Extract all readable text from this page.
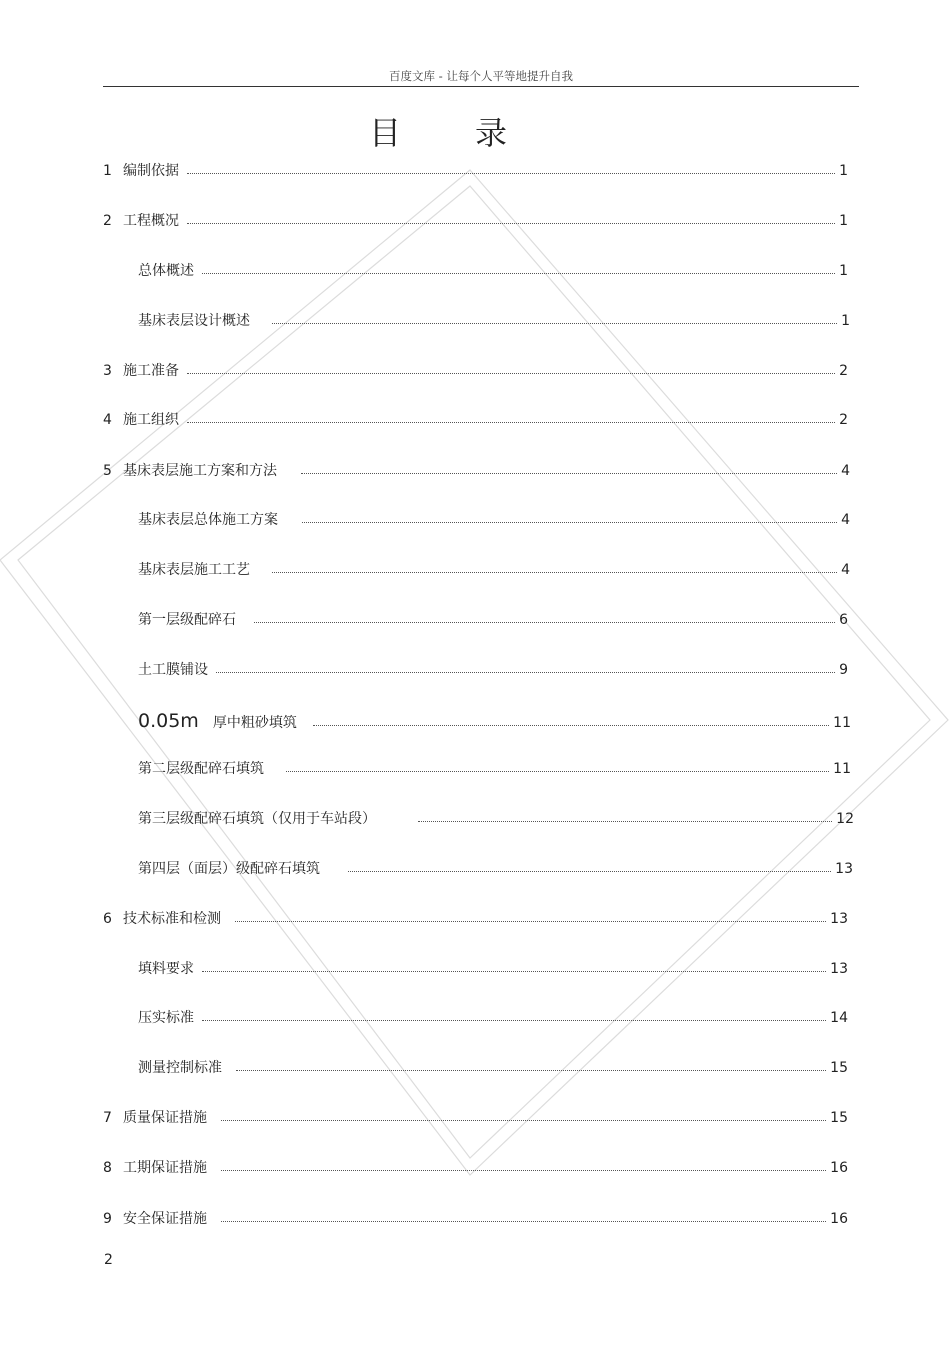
百度文库 - 让每个人平等地提升自我
目录
1 编制依据	1
2 工程概况	1
总体概述	1
基床表层设计概述	1
3 施工准备	2
4 施工组织	2
5 基床表层施工方案和方法	4
基床表层总体施工方案	4
基床表层施工工艺	4
第一层级配碎石	6
土工膜铺设	9
0.05m 厚中粗砂填筑	11
第二层级配碎石填筑	11
第三层级配碎石填筑（仅用于车站段）	12
第四层（面层）级配碎石填筑	13
6 技术标准和检测	13
填料要求	13
压实标准	14
测量控制标准	15
7 质量保证措施	15
8 工期保证措施	16
9 安全保证措施	16
2
